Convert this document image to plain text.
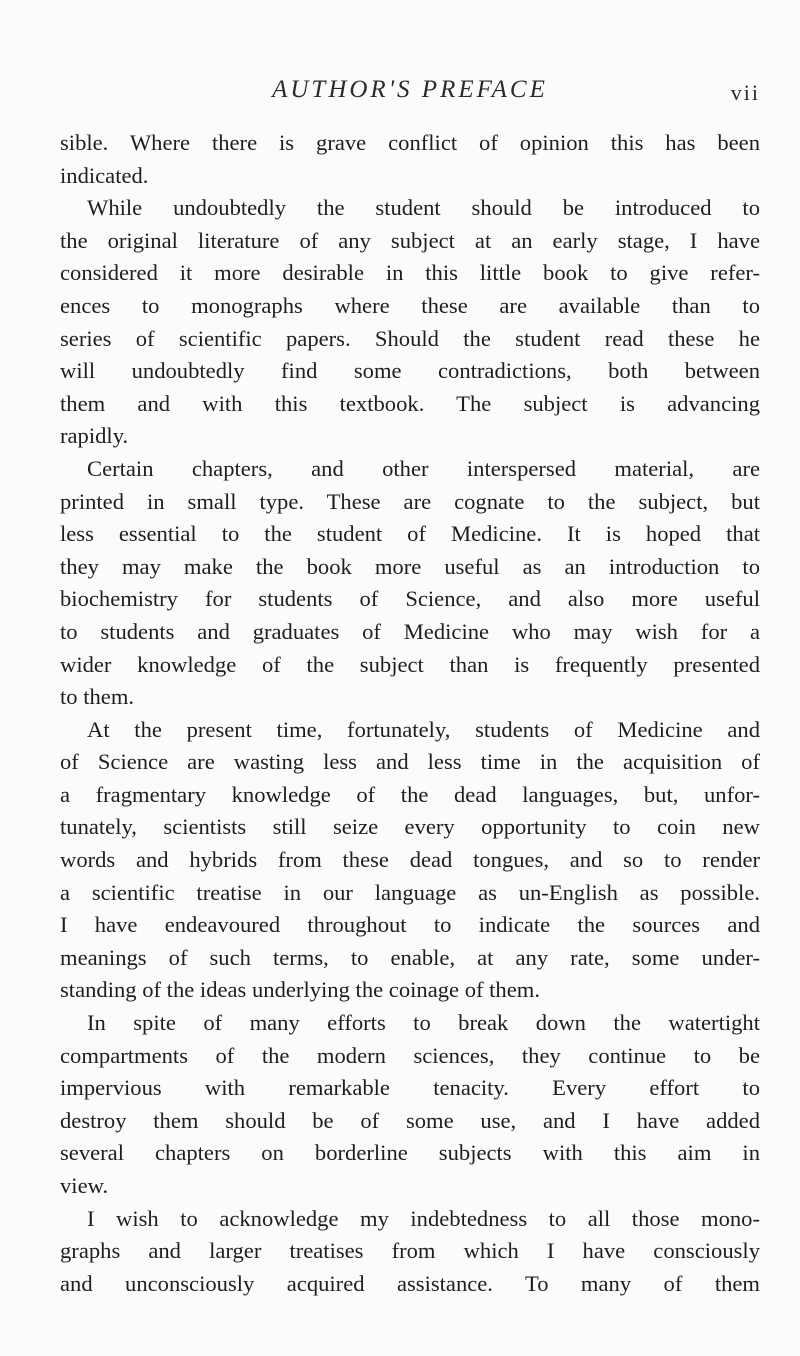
AUTHOR'S PREFACE	vii
sible. Where there is grave conflict of opinion this has been
indicated.
While undoubtedly the student should be introduced to
the original literature of any subject at an early stage, I have
considered it more desirable in this little book to give refer-
ences to monographs where these are available than to
series of scientific papers. Should the student read these he
will undoubtedly find some contradictions, both between
them and with this textbook. The subject is advancing
rapidly.
Certain chapters, and other interspersed material, are
printed in small type. These are cognate to the subject, but
less essential to the student of Medicine. It is hoped that
they may make the book more useful as an introduction to
biochemistry for students of Science, and also more useful
to students and graduates of Medicine who may wish for a
wider knowledge of the subject than is frequently presented
to them.
At the present time, fortunately, students of Medicine and
of Science are wasting less and less time in the acquisition of
a fragmentary knowledge of the dead languages, but, unfor-
tunately, scientists still seize every opportunity to coin new
words and hybrids from these dead tongues, and so to render
a scientific treatise in our language as un-English as possible.
I have endeavoured throughout to indicate the sources and
meanings of such terms, to enable, at any rate, some under-
standing of the ideas underlying the coinage of them.
In spite of many efforts to break down the watertight
compartments of the modern sciences, they continue to be
impervious with remarkable tenacity. Every effort to
destroy them should be of some use, and I have added
several chapters on borderline subjects with this aim in
view.
I wish to acknowledge my indebtedness to all those mono-
graphs and larger treatises from which I have consciously
and unconsciously acquired assistance. To many of them
